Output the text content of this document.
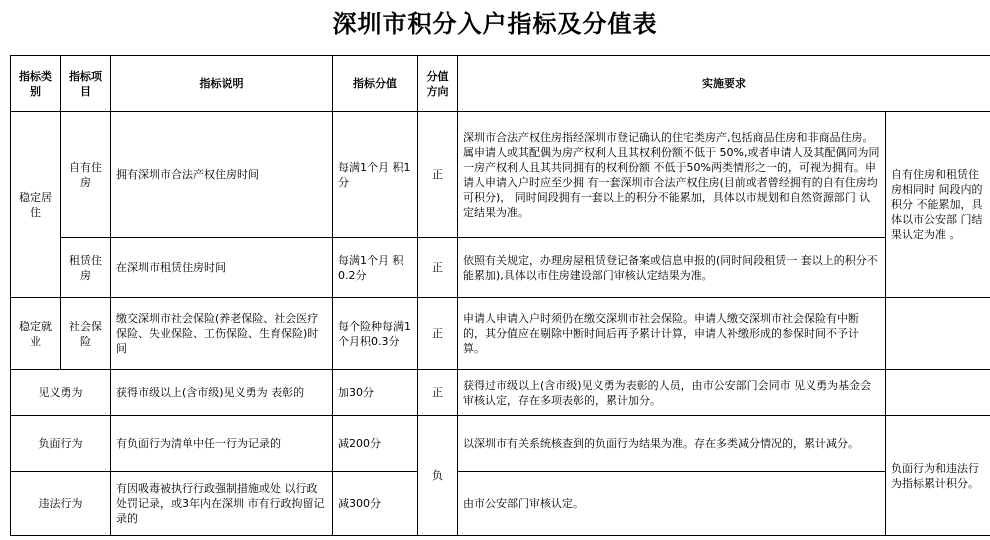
深圳市积分入户指标及分值表
指标类别	指标项目	指标说明	指标分值	分值方向	实施要求	
稳定居住	自有住房	拥有深圳市合法产权住房时间	每满1个月 积1分	正	深圳市合法产权住房指经深圳市登记确认的住宅类房产,包括商品住房和非商品住房。属申请人或其配偶为房产权利人且其权利份额不低于 50%,或者申请人及其配偶同为同一房产权利人且其共同拥有的权利份额 不低于50%两类情形之一的，可视为拥有。申请人申请入户时应至少拥 有一套深圳市合法产权住房(目前或者曾经拥有的自有住房均可积分)， 同时间段拥有一套以上的积分不能累加，具体以市规划和自然资源部门 认定结果为准。	自有住房和租赁住房相同时 间段内的积分 不能累加，具 体以市公安部 门结果认定为准 。
	租赁住房	在深圳市租赁住房时间	每满1个月 积0.2分	正	依照有关规定，办理房屋租赁登记备案或信息申报的(同时间段租赁一 套以上的积分不能累加),具体以市住房建设部门审核认定结果为准。	
稳定就业	社会保险	缴交深圳市社会保险(养老保险、社会医疗保险、失业保险、工伤保险、生育保险)时间	每个险种每满1个月积0.3分	正	申请人申请入户时须仍在缴交深圳市社会保险。申请人缴交深圳市社会保险有中断的，其分值应在剔除中断时间后再予累计计算，申请人补缴形成的参保时间不予计算。	
见义勇为		获得市级以上(含市级)见义勇为 表彰的	加30分	正	获得过市级以上(含市级)见义勇为表彰的人员，由市公安部门会同市 见义勇为基金会审核认定，存在多项表彰的，累计加分。	
负面行为		有负面行为清单中任一行为记录的	减200分	负	以深圳市有关系统核查到的负面行为结果为准。存在多类减分情况的，累计减分。	负面行为和违法行为指标累计积分。
违法行为		有因吸毒被执行行政强制措施或处 以行政处罚记录，或3年内在深圳 市有行政拘留记录的	减300分		由市公安部门审核认定。	
